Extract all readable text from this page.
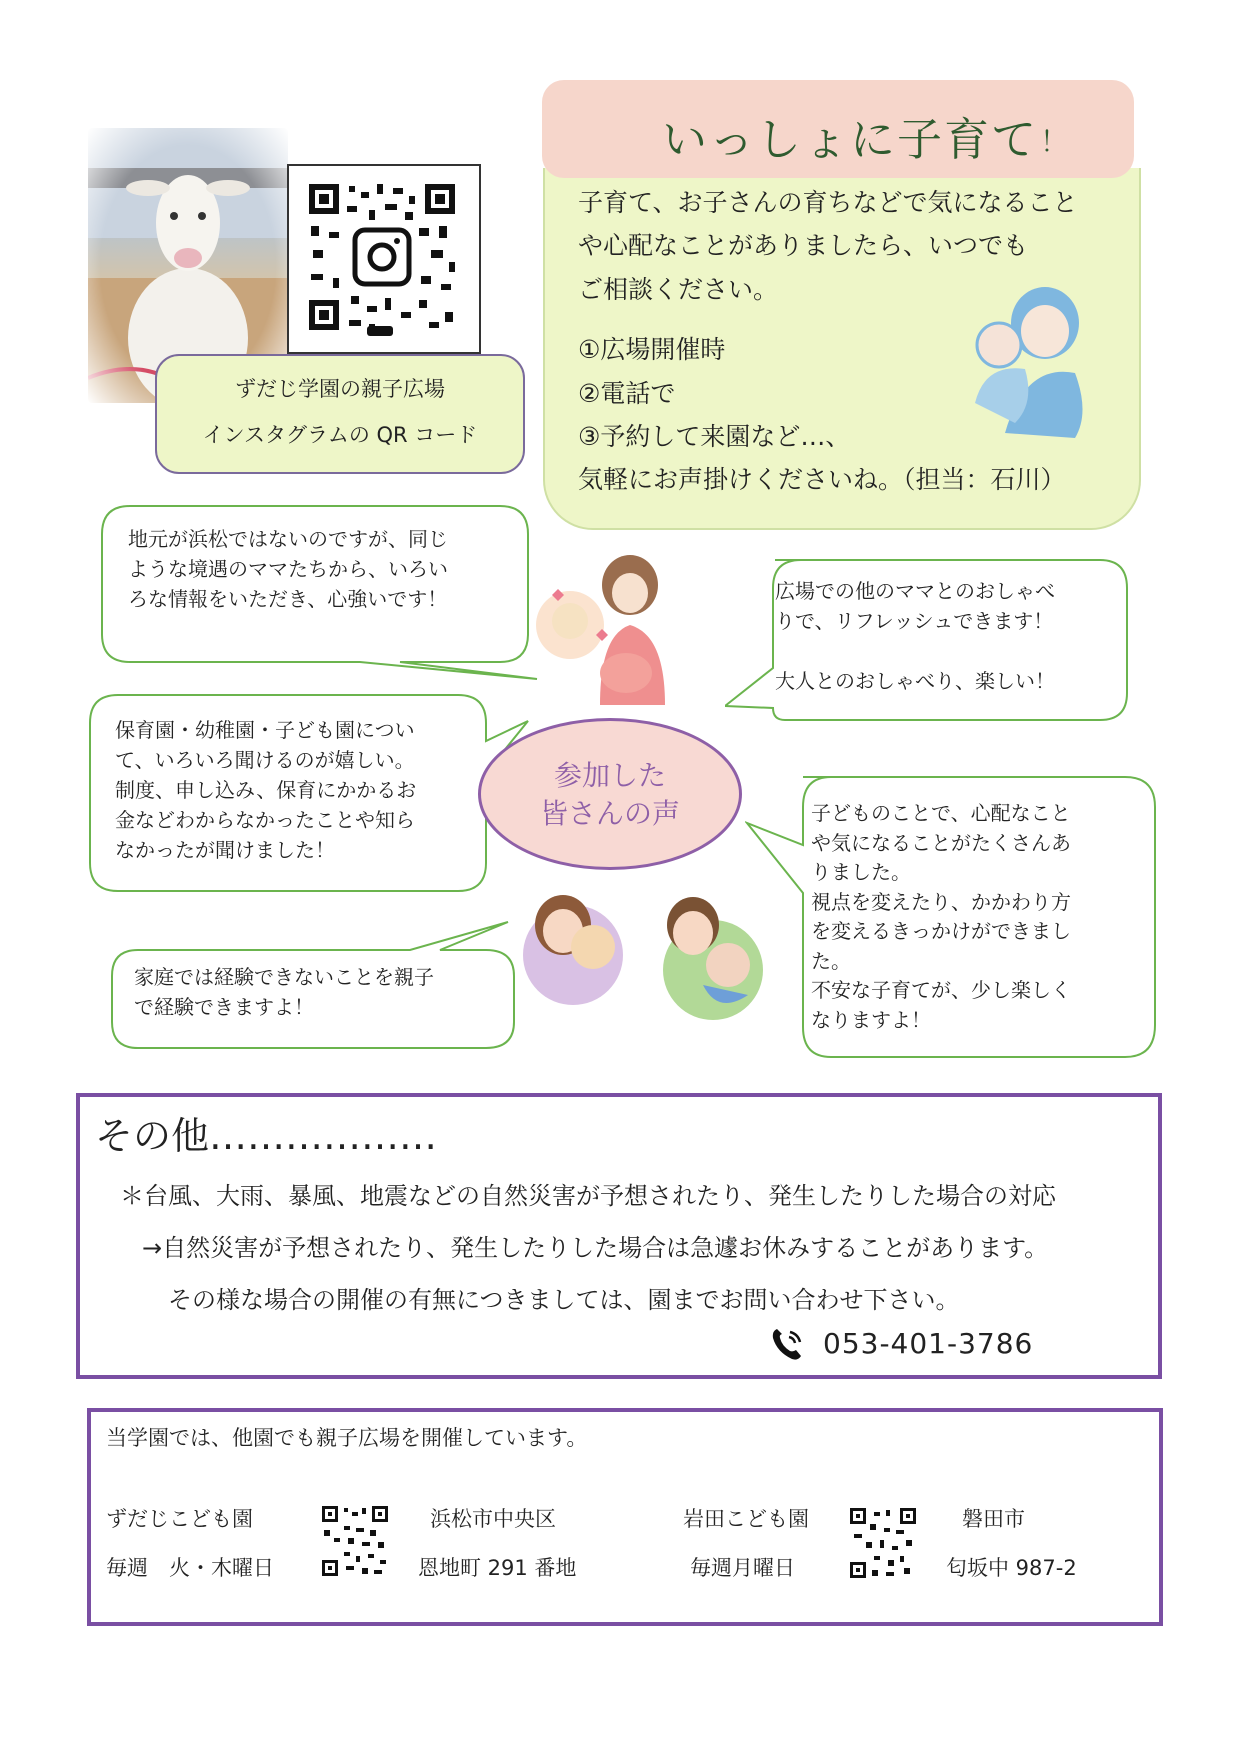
ずだじ学園の親子広場
インスタグラムの QR コード
いっしょに子育て ！
子育て、お子さんの育ちなどで気になること
や心配なことがありましたら、いつでも
ご相談ください。
①広場開催時
②電話で
③予約して来園など…、
気軽にお声掛けくださいね。（担当：石川）
地元が浜松ではないのですが、同じ
ような境遇のママたちから、いろい
ろな情報をいただき、心強いです！	広場での他のママとのおしゃべ
りで、リフレッシュできます！
大人とのおしゃべり、楽しい！
保育園・幼稚園・子ども園につい
て、いろいろ聞けるのが嬉しい。
制度、申し込み、保育にかかるお
金などわからなかったことや知ら
なかったが聞けました！
参加した
皆さんの声	子どものことで、心配なこと
や気になることがたくさんあ
りました。
視点を変えたり、かかわり方
を変えるきっかけができまし
た。
不安な子育てが、少し楽しく
なりますよ！
家庭では経験できないことを親子
で経験できますよ！
その他………………
＊台風、大雨、暴風、地震などの自然災害が予想されたり、発生したりした場合の対応
→自然災害が予想されたり、発生したりした場合は急遽お休みすることがあります。
その様な場合の開催の有無につきましては、園までお問い合わせ下さい。
053-401-3786
当学園では、他園でも親子広場を開催しています。
ずだじこども園
毎週　火・木曜日
浜松市中央区
恩地町 291 番地
岩田こども園
毎週月曜日
磐田市
匂坂中 987-2
